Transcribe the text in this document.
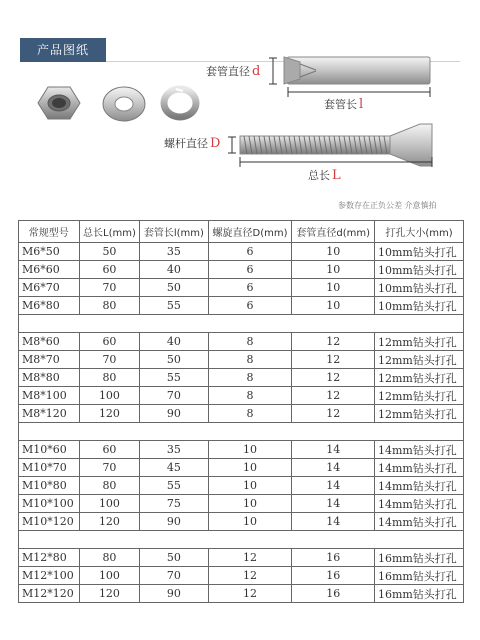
产品图纸
套管直径 d
套管长 l
螺杆直径 D
总长 L
参数存在正负公差 介意慎拍
常规型号	总长L(mm)	套管长l(mm)	螺旋直径D(mm)	套管直径d(mm)	打孔大小(mm)
M6*50	50	35	6	10	10mm钻头打孔
M6*60	60	40	6	10	10mm钻头打孔
M6*70	70	50	6	10	10mm钻头打孔
M6*80	80	55	6	10	10mm钻头打孔

M8*60	60	40	8	12	12mm钻头打孔
M8*70	70	50	8	12	12mm钻头打孔
M8*80	80	55	8	12	12mm钻头打孔
M8*100	100	70	8	12	12mm钻头打孔
M8*120	120	90	8	12	12mm钻头打孔

M10*60	60	35	10	14	14mm钻头打孔
M10*70	70	45	10	14	14mm钻头打孔
M10*80	80	55	10	14	14mm钻头打孔
M10*100	100	75	10	14	14mm钻头打孔
M10*120	120	90	10	14	14mm钻头打孔

M12*80	80	50	12	16	16mm钻头打孔
M12*100	100	70	12	16	16mm钻头打孔
M12*120	120	90	12	16	16mm钻头打孔
